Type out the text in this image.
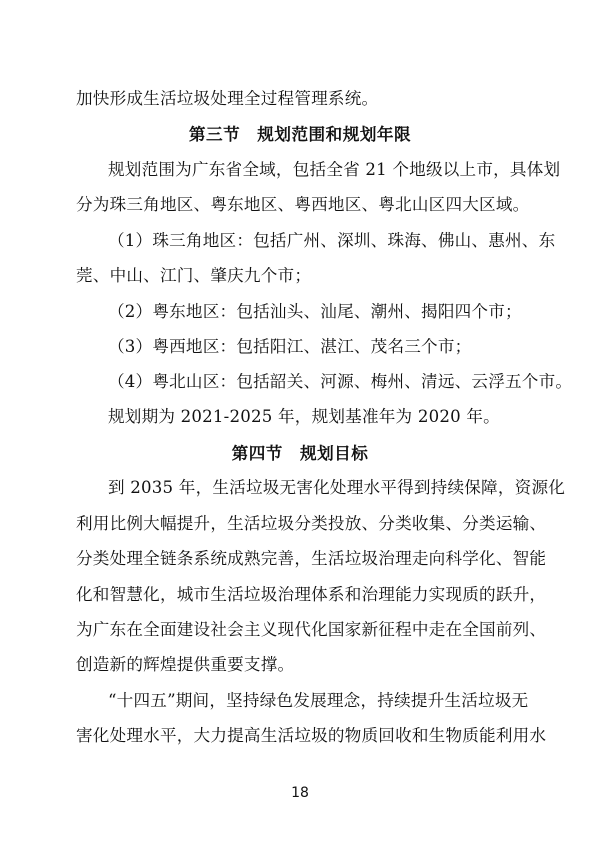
加快形成生活垃圾处理全过程管理系统。
第三节　规划范围和规划年限
规划范围为广东省全域，包括全省 21 个地级以上市，具体划
分为珠三角地区、粤东地区、粤西地区、粤北山区四大区域。
（1）珠三角地区：包括广州、深圳、珠海、佛山、惠州、东
莞、中山、江门、肇庆九个市；
（2）粤东地区：包括汕头、汕尾、潮州、揭阳四个市；
（3）粤西地区：包括阳江、湛江、茂名三个市；
（4）粤北山区：包括韶关、河源、梅州、清远、云浮五个市。
规划期为 2021-2025 年，规划基准年为 2020 年。
第四节　规划目标
到 2035 年，生活垃圾无害化处理水平得到持续保障，资源化
利用比例大幅提升，生活垃圾分类投放、分类收集、分类运输、
分类处理全链条系统成熟完善，生活垃圾治理走向科学化、智能
化和智慧化，城市生活垃圾治理体系和治理能力实现质的跃升，
为广东在全面建设社会主义现代化国家新征程中走在全国前列、
创造新的辉煌提供重要支撑。
“十四五”期间，坚持绿色发展理念，持续提升生活垃圾无
害化处理水平，大力提高生活垃圾的物质回收和生物质能利用水
18
